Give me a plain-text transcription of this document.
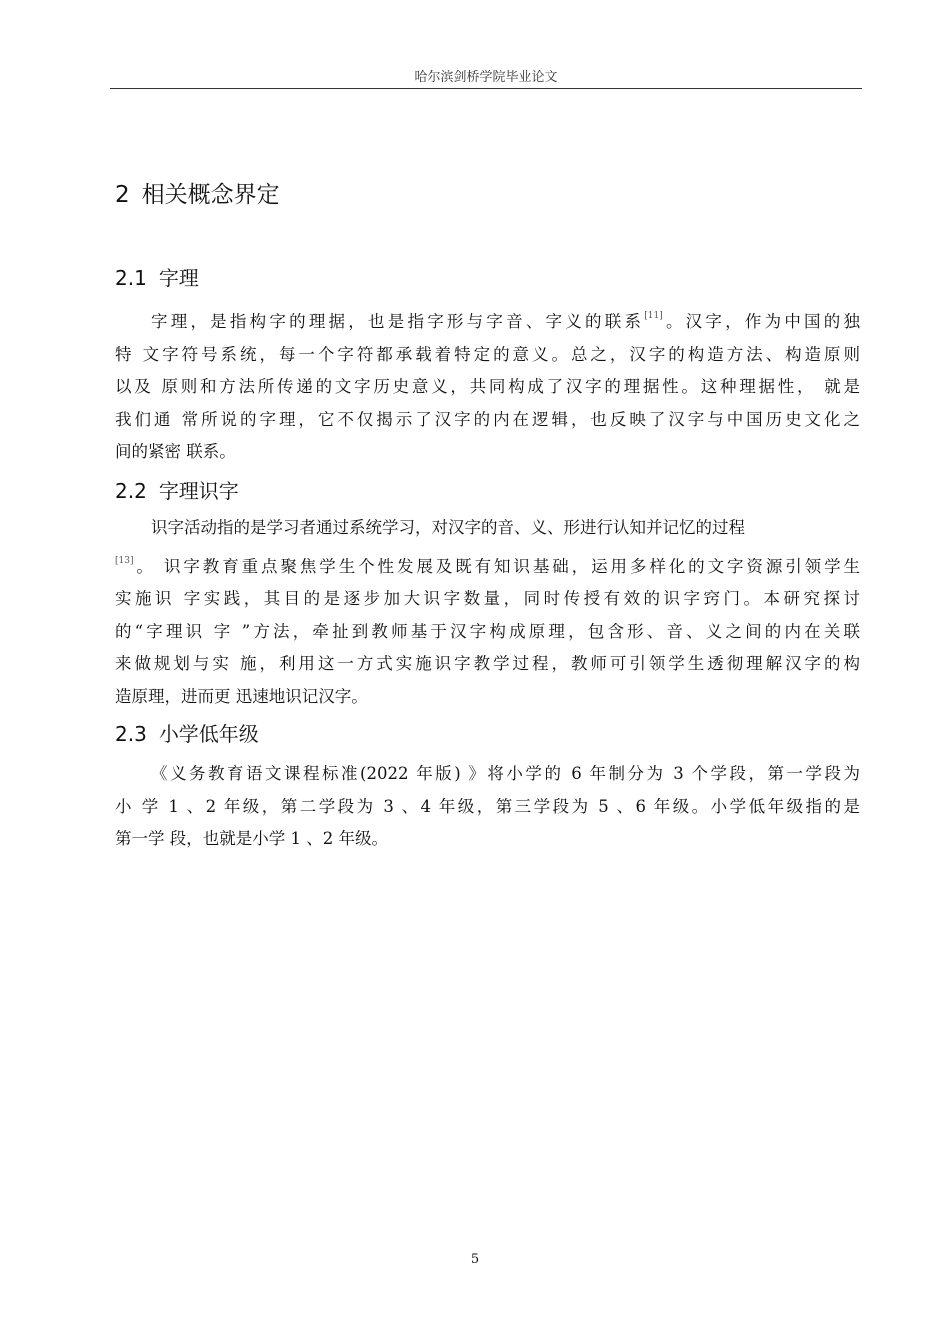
哈尔滨剑桥学院毕业论文
2 相关概念界定
2.1 字理
字理，是指构字的理据，也是指字形与字音、字义的联系[11]。汉字，作为中国的独
特 文字符号系统，每一个字符都承载着特定的意义。总之，汉字的构造方法、构造原则
以及 原则和方法所传递的文字历史意义，共同构成了汉字的理据性。这种理据性， 就是
我们通 常所说的字理，它不仅揭示了汉字的内在逻辑，也反映了汉字与中国历史文化之
间的紧密 联系。
2.2 字理识字
识字活动指的是学习者通过系统学习，对汉字的音、义、形进行认知并记忆的过程
[13]。 识字教育重点聚焦学生个性发展及既有知识基础，运用多样化的文字资源引领学生
实施识 字实践，其目的是逐步加大识字数量，同时传授有效的识字窍门。本研究探讨
的“字理识 字 ”方法，牵扯到教师基于汉字构成原理，包含形、音、义之间的内在关联
来做规划与实 施，利用这一方式实施识字教学过程，教师可引领学生透彻理解汉字的构
造原理，进而更 迅速地识记汉字。
2.3 小学低年级
《义务教育语文课程标准(2022 年版) 》将小学的 6 年制分为 3 个学段，第一学段为
小 学 1 、2 年级，第二学段为 3 、4 年级，第三学段为 5 、6 年级。小学低年级指的是
第一学 段，也就是小学 1 、2 年级。
5
